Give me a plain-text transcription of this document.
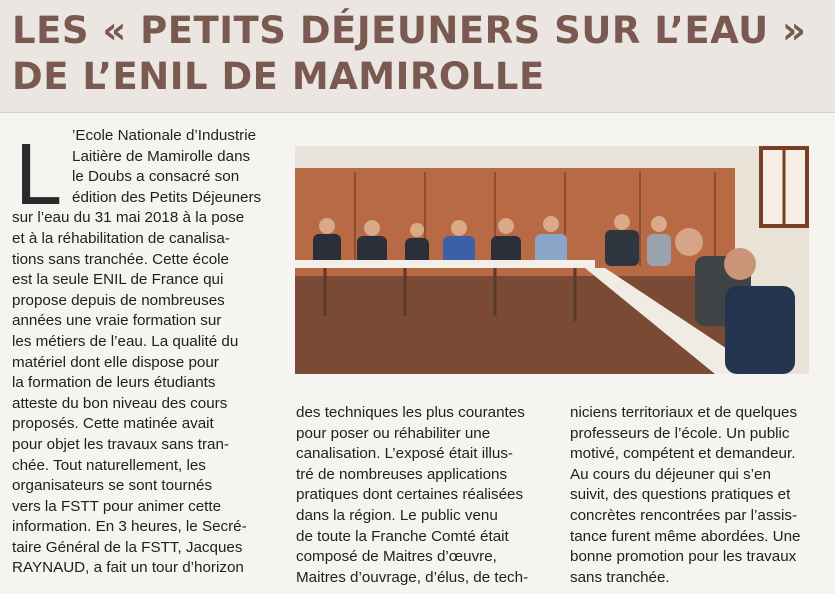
LES « PETITS DÉJEUNERS SUR L’EAU »
DE L’ENIL DE MAMIROLLE
L ’Ecole Nationale d’Industrie
Laitière de Mamirolle dans
le Doubs a consacré son
édition des Petits Déjeuners
sur l’eau du 31 mai 2018 à la pose
et à la réhabilitation de canalisa-
tions sans tranchée. Cette école
est la seule ENIL de France qui
propose depuis de nombreuses
années une vraie formation sur
les métiers de l’eau. La qualité du
matériel dont elle dispose pour
la formation de leurs étudiants
atteste du bon niveau des cours
proposés. Cette matinée avait
pour objet les travaux sans tran-
chée. Tout naturellement, les
organisateurs se sont tournés
vers la FSTT pour animer cette
information. En 3 heures, le Secré-
taire Général de la FSTT, Jacques
RAYNAUD, a fait un tour d’horizon
des techniques les plus courantes
pour poser ou réhabiliter une
canalisation. L’exposé était illus-
tré de nombreuses applications
pratiques dont certaines réalisées
dans la région. Le public venu
de toute la Franche Comté était
composé de Maitres d’œuvre,
Maitres d’ouvrage, d’élus, de tech-
niciens territoriaux et de quelques
professeurs de l’école. Un public
motivé, compétent et demandeur.
Au cours du déjeuner qui s’en
suivit, des questions pratiques et
concrètes rencontrées par l’assis-
tance furent même abordées. Une
bonne promotion pour les travaux
sans tranchée.
